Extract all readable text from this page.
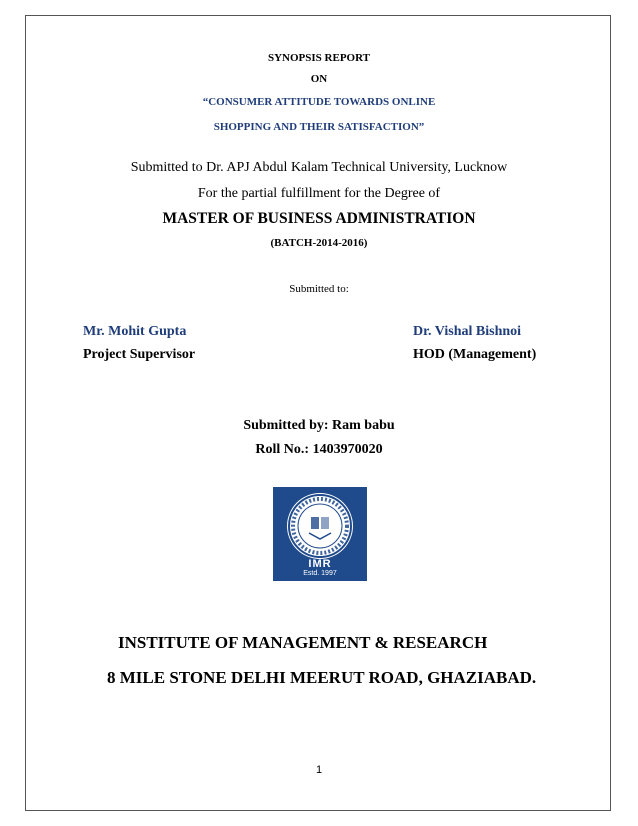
SYNOPSIS REPORT
ON
“CONSUMER ATTITUDE TOWARDS ONLINE
SHOPPING AND THEIR SATISFACTION”
Submitted to Dr. APJ Abdul Kalam Technical University, Lucknow
For the partial fulfillment for the Degree of
MASTER OF BUSINESS ADMINISTRATION
(BATCH-2014-2016)
Submitted to:
Mr. Mohit Gupta
Project Supervisor
Dr. Vishal Bishnoi
HOD (Management)
Submitted by: Ram babu
Roll No.: 1403970020
IMR
Estd. 1997
INSTITUTE OF MANAGEMENT & RESEARCH
8 MILE STONE DELHI MEERUT ROAD, GHAZIABAD.
1
